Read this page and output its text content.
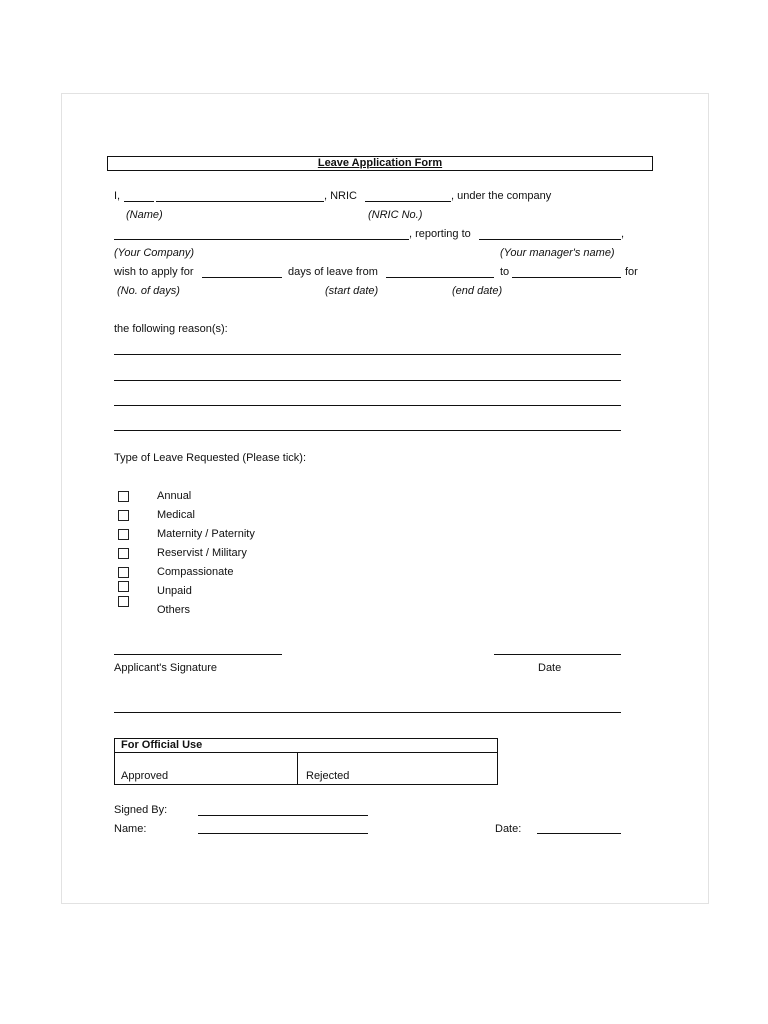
Leave Application Form
I,	, NRIC	, under the company
(Name)	(NRIC No.)
, reporting to	,
(Your Company)	(Your manager's name)
wish to apply for	days of leave from	to	for
(No. of days)	(start date)	(end date)
the following reason(s):
Type of Leave Requested (Please tick):
Annual
Medical
Maternity / Paternity
Reservist / Military
Compassionate
Unpaid
Others
Applicant's Signature	Date
For Official Use
Approved	Rejected
Signed By:
Name:	Date:
